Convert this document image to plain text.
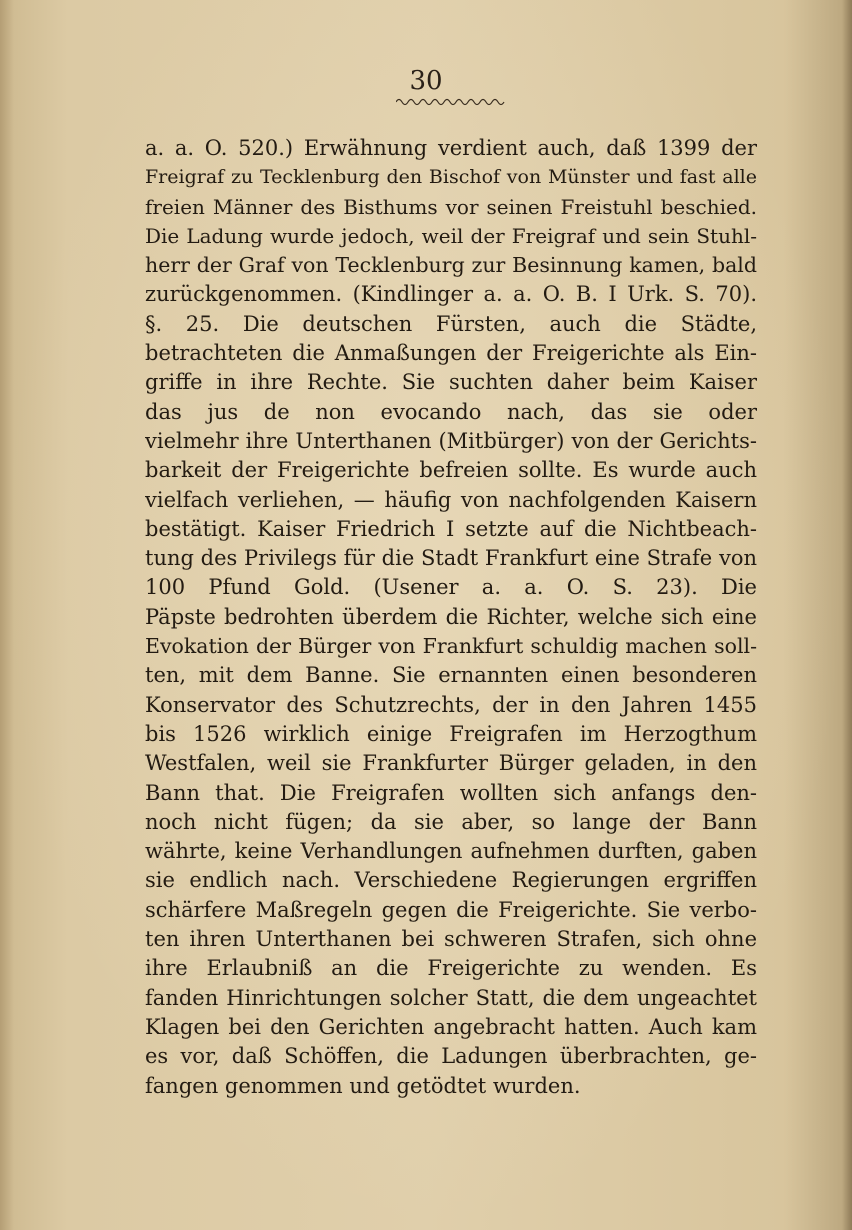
30
a. a. O. 520.) Erwähnung verdient auch, daß 1399 der
Freigraf zu Tecklenburg den Bischof von Münster und fast alle
freien Männer des Bisthums vor seinen Freistuhl beschied.
Die Ladung wurde jedoch, weil der Freigraf und sein Stuhl-
herr der Graf von Tecklenburg zur Besinnung kamen, bald
zurückgenommen. (Kindlinger a. a. O. B. I Urk. S. 70).
§. 25. Die deutschen Fürsten, auch die Städte,
betrachteten die Anmaßungen der Freigerichte als Ein-
griffe in ihre Rechte. Sie suchten daher beim Kaiser
das jus de non evocando nach, das sie oder
vielmehr ihre Unterthanen (Mitbürger) von der Gerichts-
barkeit der Freigerichte befreien sollte. Es wurde auch
vielfach verliehen, — häufig von nachfolgenden Kaisern
bestätigt. Kaiser Friedrich I setzte auf die Nichtbeach-
tung des Privilegs für die Stadt Frankfurt eine Strafe von
100 Pfund Gold. (Usener a. a. O. S. 23). Die
Päpste bedrohten überdem die Richter, welche sich eine
Evokation der Bürger von Frankfurt schuldig machen soll-
ten, mit dem Banne. Sie ernannten einen besonderen
Konservator des Schutzrechts, der in den Jahren 1455
bis 1526 wirklich einige Freigrafen im Herzogthum
Westfalen, weil sie Frankfurter Bürger geladen, in den
Bann that. Die Freigrafen wollten sich anfangs den-
noch nicht fügen; da sie aber, so lange der Bann
währte, keine Verhandlungen aufnehmen durften, gaben
sie endlich nach. Verschiedene Regierungen ergriffen
schärfere Maßregeln gegen die Freigerichte. Sie verbo-
ten ihren Unterthanen bei schweren Strafen, sich ohne
ihre Erlaubniß an die Freigerichte zu wenden. Es
fanden Hinrichtungen solcher Statt, die dem ungeachtet
Klagen bei den Gerichten angebracht hatten. Auch kam
es vor, daß Schöffen, die Ladungen überbrachten, ge-
fangen genommen und getödtet wurden.
